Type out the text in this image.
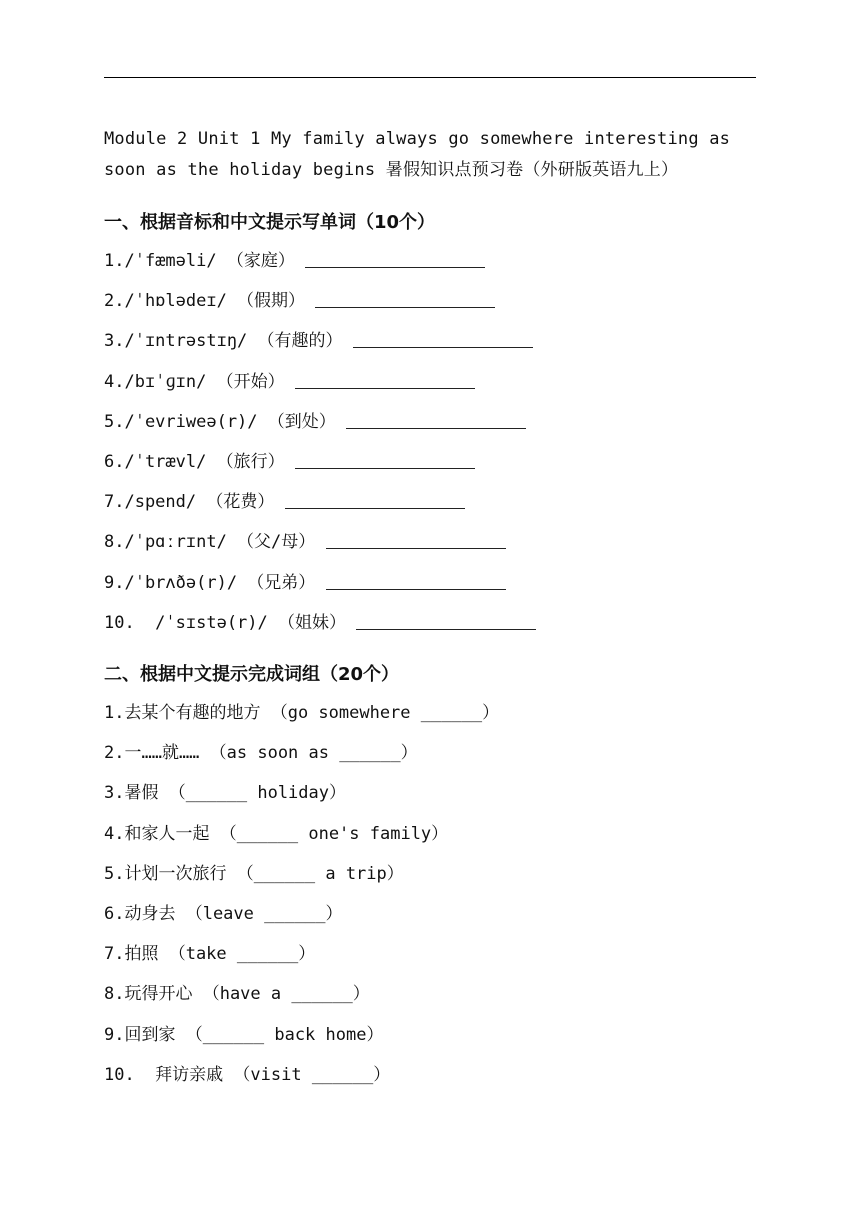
Module 2 Unit 1 My family always go somewhere interesting as soon as the holiday begins 暑假知识点预习卷（外研版英语九上）
一、根据音标和中文提示写单词（10个）
1./ˈfæməli/ （家庭）
2./ˈhɒlədeɪ/ （假期）
3./ˈɪntrəstɪŋ/ （有趣的）
4./bɪˈɡɪn/ （开始）
5./ˈevriweə(r)/ （到处）
6./ˈtrævl/ （旅行）
7./spend/ （花费）
8./ˈpɑːrɪnt/ （父/母）
9./ˈbrʌðə(r)/ （兄弟）
10.  /ˈsɪstə(r)/ （姐妹）
二、根据中文提示完成词组（20个）
1.去某个有趣的地方 （go somewhere ______）
2.一……就…… （as soon as ______）
3.暑假 （______ holiday）
4.和家人一起 （______ one's family）
5.计划一次旅行 （______ a trip）
6.动身去 （leave ______）
7.拍照 （take ______）
8.玩得开心 （have a ______）
9.回到家 （______ back home）
10.  拜访亲戚 （visit ______）
